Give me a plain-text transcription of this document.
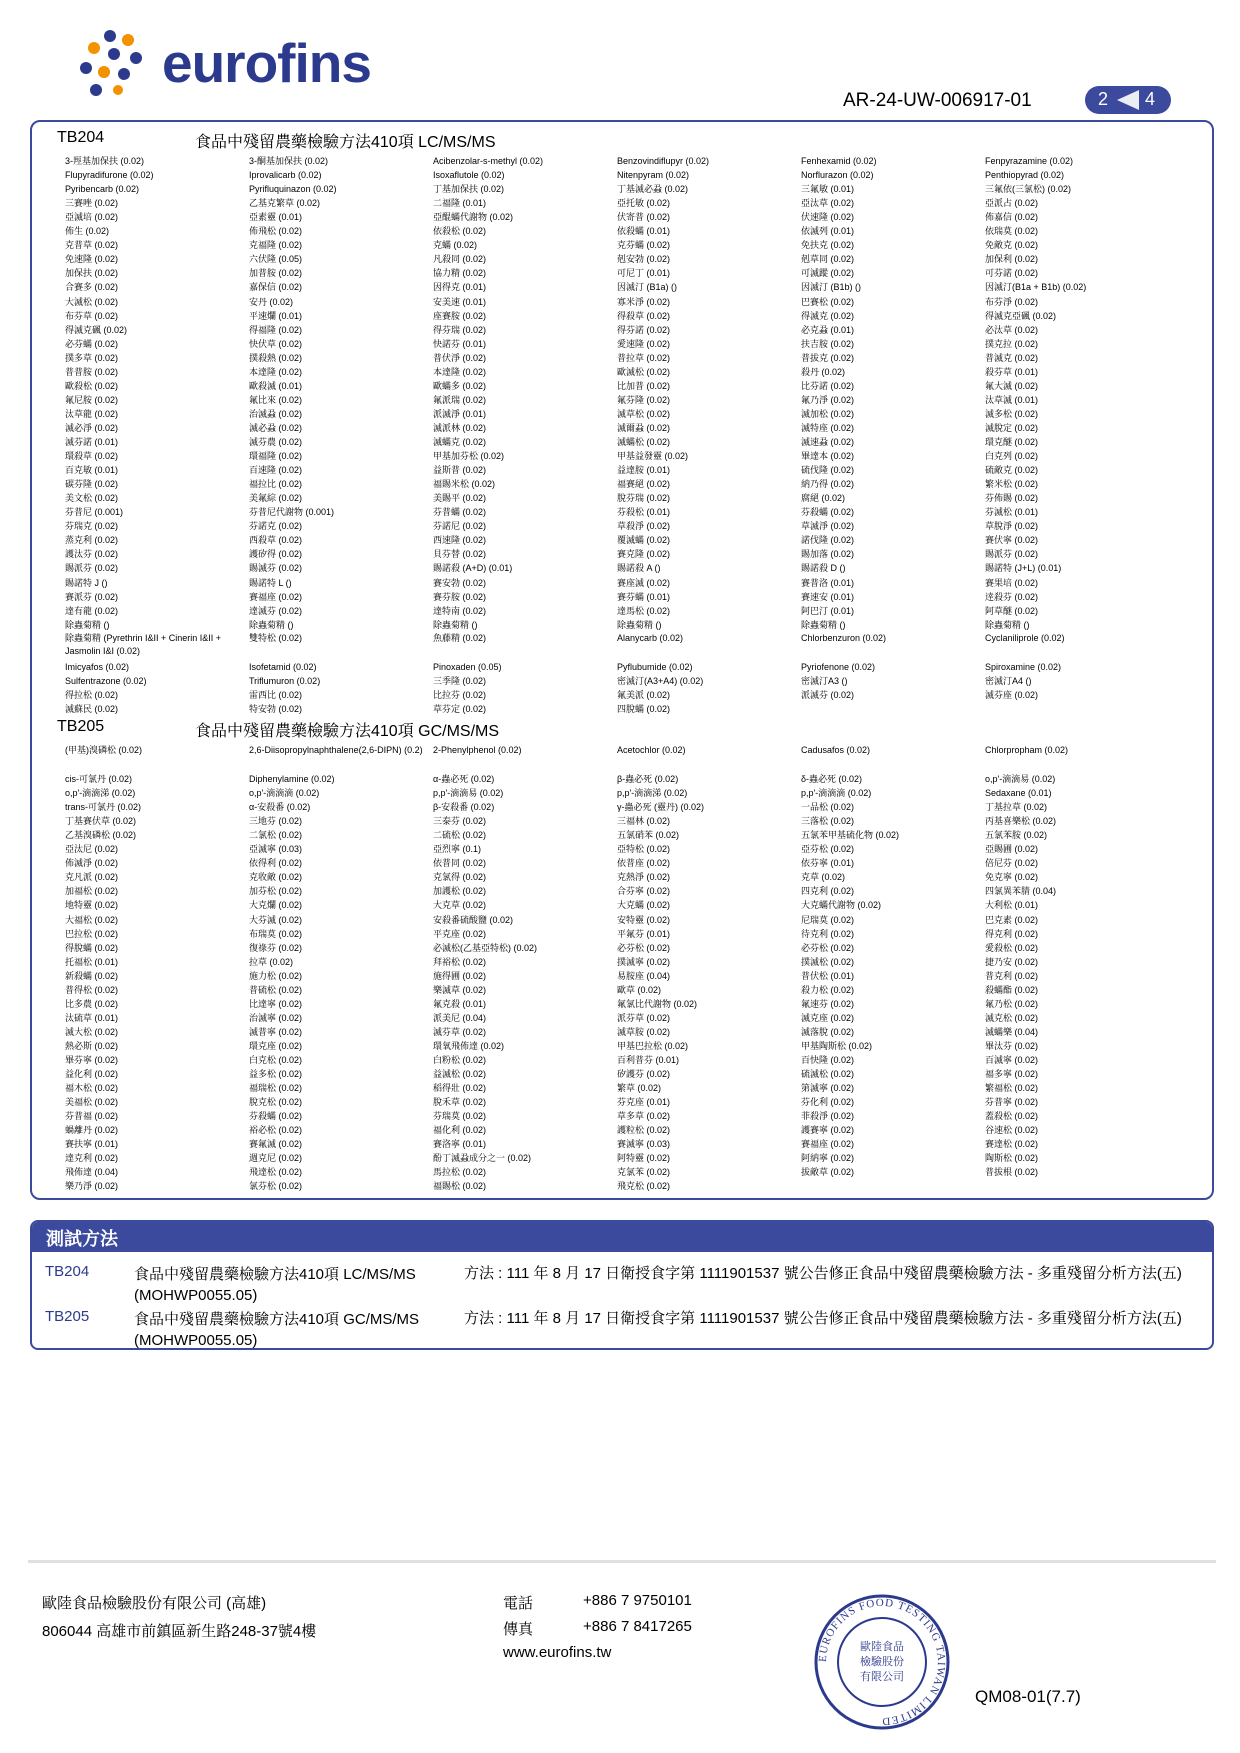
eurofins
AR-24-UW-006917-01	2 4
TB204	食品中殘留農藥檢驗方法410項 LC/MS/MS
3-羥基加保扶 (0.02)	3-酮基加保扶 (0.02)	Acibenzolar-s-methyl (0.02)	Benzovindiflupyr (0.02)	Fenhexamid (0.02)	Fenpyrazamine (0.02)
Flupyradifurone (0.02)	Iprovalicarb (0.02)	Isoxaflutole (0.02)	Nitenpyram (0.02)	Norflurazon (0.02)	Penthiopyrad (0.02)
Pyribencarb (0.02)	Pyrifluquinazon (0.02)	丁基加保扶 (0.02)	丁基滅必蝨 (0.02)	三氟敏 (0.01)	三氟依(三氯松) (0.02)
三賽唑 (0.02)	乙基克繁草 (0.02)	二福隆 (0.01)	亞托敏 (0.02)	亞汰草 (0.02)	亞派占 (0.02)
亞滅培 (0.02)	亞素靈 (0.01)	亞醌蟎代謝物 (0.02)	伏寄普 (0.02)	伏速隆 (0.02)	佈嘉信 (0.02)
佈生 (0.02)	佈飛松 (0.02)	依殺松 (0.02)	依殺蟎 (0.01)	依滅列 (0.01)	依瑞莫 (0.02)
克普草 (0.02)	克福隆 (0.02)	克蟎 (0.02)	克芬蟎 (0.02)	免扶克 (0.02)	免敵克 (0.02)
免速隆 (0.02)	六伏隆 (0.05)	凡殺同 (0.02)	剋安勃 (0.02)	剋草同 (0.02)	加保利 (0.02)
加保扶 (0.02)	加普胺 (0.02)	協力精 (0.02)	可尼丁 (0.01)	可滅蹤 (0.02)	可芬諾 (0.02)
合賽多 (0.02)	嘉保信 (0.02)	因得克 (0.01)	因滅汀 (B1a) ()	因滅汀 (B1b) ()	因滅汀(B1a + B1b) (0.02)
大滅松 (0.02)	安丹 (0.02)	安美速 (0.01)	寡米淨 (0.02)	巴賽松 (0.02)	布芬淨 (0.02)
布芬草 (0.02)	平速爛 (0.01)	座賽胺 (0.02)	得殺草 (0.02)	得滅克 (0.02)	得滅克亞碸 (0.02)
得滅克碸 (0.02)	得福隆 (0.02)	得芬瑞 (0.02)	得芬諾 (0.02)	必克蝨 (0.01)	必汰草 (0.02)
必芬蟎 (0.02)	快伏草 (0.02)	快諾芬 (0.01)	愛速隆 (0.02)	扶吉胺 (0.02)	撲克拉 (0.02)
撲多草 (0.02)	撲殺熱 (0.02)	普伏淨 (0.02)	普拉草 (0.02)	普拔克 (0.02)	普滅克 (0.02)
普普胺 (0.02)	本達隆 (0.02)	本達隆 (0.02)	歐滅松 (0.02)	殺丹 (0.02)	殺芬草 (0.01)
歐殺松 (0.02)	歐殺滅 (0.01)	歐蟎多 (0.02)	比加普 (0.02)	比芬諾 (0.02)	氟大滅 (0.02)
氟尼胺 (0.02)	氟比來 (0.02)	氟派瑞 (0.02)	氟芬隆 (0.02)	氟乃淨 (0.02)	汰草滅 (0.01)
汰草龍 (0.02)	治滅蝨 (0.02)	派滅淨 (0.01)	滅草松 (0.02)	滅加松 (0.02)	滅多松 (0.02)
滅必淨 (0.02)	滅必蝨 (0.02)	滅派林 (0.02)	滅爾蝨 (0.02)	滅特座 (0.02)	滅脫定 (0.02)
滅芬諾 (0.01)	滅芬農 (0.02)	滅蟎克 (0.02)	滅蟎松 (0.02)	滅速蝨 (0.02)	環克醚 (0.02)
環殺草 (0.02)	環福隆 (0.02)	甲基加芬松 (0.02)	甲基益發靈 (0.02)	畢達本 (0.02)	白克列 (0.02)
百克敏 (0.01)	百速隆 (0.02)	益斯普 (0.02)	益達胺 (0.01)	硫伐隆 (0.02)	硫敵克 (0.02)
碳芬隆 (0.02)	福拉比 (0.02)	福賜米松 (0.02)	福賽絕 (0.02)	納乃得 (0.02)	繁米松 (0.02)
美文松 (0.02)	美氟綜 (0.02)	美賜平 (0.02)	脫芬瑞 (0.02)	腐絕 (0.02)	芬佈賜 (0.02)
芬普尼 (0.001)	芬普尼代謝物 (0.001)	芬普蟎 (0.02)	芬殺松 (0.01)	芬殺蟎 (0.02)	芬滅松 (0.01)
芬瑞克 (0.02)	芬諾克 (0.02)	芬諾尼 (0.02)	草殺淨 (0.02)	草滅淨 (0.02)	草脫淨 (0.02)
蒸克利 (0.02)	西殺草 (0.02)	西速隆 (0.02)	覆滅蟎 (0.02)	諾伐隆 (0.02)	賽伏寧 (0.02)
護汰芬 (0.02)	護矽得 (0.02)	貝芬替 (0.02)	賽克隆 (0.02)	賜加落 (0.02)	賜派芬 (0.02)
賜派芬 (0.02)	賜滅芬 (0.02)	賜諾殺 (A+D) (0.01)	賜諾殺 A ()	賜諾殺 D ()	賜諾特 (J+L) (0.01)
賜諾特 J ()	賜諾特 L ()	賽安勃 (0.02)	賽座滅 (0.02)	賽普洛 (0.01)	賽果培 (0.02)
賽派芬 (0.02)	賽福座 (0.02)	賽芬胺 (0.02)	賽芬蟎 (0.01)	賽速安 (0.01)	逹殺芬 (0.02)
達有龍 (0.02)	達滅芬 (0.02)	達特南 (0.02)	達馬松 (0.02)	阿巴汀 (0.01)	阿草醚 (0.02)
除蟲菊精 ()	除蟲菊精 ()	除蟲菊精 ()	除蟲菊精 ()	除蟲菊精 ()	除蟲菊精 ()
除蟲菊精 (Pyrethrin I&II + Cinerin I&II + Jasmolin I&I (0.02)
雙特松 (0.02)	魚藤精 (0.02)	Alanycarb (0.02)	Chlorbenzuron (0.02)	Cyclaniliprole (0.02)
Imicyafos (0.02)	Isofetamid (0.02)	Pinoxaden (0.05)	Pyflubumide (0.02)	Pyriofenone (0.02)	Spiroxamine (0.02)
Sulfentrazone (0.02)	Triflumuron (0.02)	三季隆 (0.02)	密滅汀(A3+A4) (0.02)	密滅汀A3 ()	密滅汀A4 ()
得拉松 (0.02)	雷西比 (0.02)	比拉芬 (0.02)	氟美派 (0.02)	派滅芬 (0.02)	滅芬座 (0.02)
滅蘇民 (0.02)	特安勃 (0.02)	草芬定 (0.02)	四脫蟎 (0.02)
TB205	食品中殘留農藥檢驗方法410項 GC/MS/MS
(甲基)溴磷松 (0.02)	2,6-Diisopropylnaphthalene(2,6-DIPN) (0.2)	2-Phenylphenol (0.02)	Acetochlor (0.02)	Cadusafos (0.02)	Chlorpropham (0.02)
cis-可氯丹 (0.02)	Diphenylamine (0.02)	α-蟲必死 (0.02)	β-蟲必死 (0.02)	δ-蟲必死 (0.02)	o,p'-滴滴易 (0.02)
o,p'-滴滴涕 (0.02)	o,p'-滴滴滴 (0.02)	p,p'-滴滴易 (0.02)	p,p'-滴滴涕 (0.02)	p,p'-滴滴滴 (0.02)	Sedaxane (0.01)
trans-可氯丹 (0.02)	α-安殺番 (0.02)	β-安殺番 (0.02)	γ-蟲必死 (靈丹) (0.02)	一品松 (0.02)	丁基拉草 (0.02)
丁基賽伏草 (0.02)	三地芬 (0.02)	三泰芬 (0.02)	三福林 (0.02)	三落松 (0.02)	丙基喜樂松 (0.02)
乙基溴磷松 (0.02)	二氯松 (0.02)	二硫松 (0.02)	五氯硝苯 (0.02)	五氯苯甲基硫化物 (0.02)	五氯苯胺 (0.02)
亞汰尼 (0.02)	亞滅寧 (0.03)	亞烈寧 (0.1)	亞特松 (0.02)	亞芬松 (0.02)	亞賜圃 (0.02)
佈滅淨 (0.02)	依得利 (0.02)	依普同 (0.02)	依普座 (0.02)	依芬寧 (0.01)	倍尼芬 (0.02)
克凡派 (0.02)	克收敵 (0.02)	克氯得 (0.02)	克熱淨 (0.02)	克草 (0.02)	免克寧 (0.02)
加福松 (0.02)	加芬松 (0.02)	加護松 (0.02)	合芬寧 (0.02)	四克利 (0.02)	四氯異苯腈 (0.04)
地特靈 (0.02)	大克爛 (0.02)	大克草 (0.02)	大克蟎 (0.02)	大克蟎代謝物 (0.02)	大利松 (0.01)
大福松 (0.02)	大芬滅 (0.02)	安殺番硫酸鹽 (0.02)	安特靈 (0.02)	尼瑞莫 (0.02)	巴克素 (0.02)
巴拉松 (0.02)	布瑞莫 (0.02)	平克座 (0.02)	平氟芬 (0.01)	待克利 (0.02)	得克利 (0.02)
得脫蟎 (0.02)	復祿芬 (0.02)	必滅松(乙基亞特松) (0.02)	必芬松 (0.02)	必芬松 (0.02)	愛殺松 (0.02)
托福松 (0.01)	拉草 (0.02)	拜裕松 (0.02)	撲滅寧 (0.02)	撲滅松 (0.02)	捷乃安 (0.02)
新殺蟎 (0.02)	施力松 (0.02)	施得圃 (0.02)	易胺座 (0.04)	普伏松 (0.01)	普克利 (0.02)
普得松 (0.02)	普硫松 (0.02)	樂滅草 (0.02)	歐草 (0.02)	殺力松 (0.02)	殺蟎酯 (0.02)
比多農 (0.02)	比達寧 (0.02)	氟克殺 (0.01)	氟氯比代謝物 (0.02)	氟速芬 (0.02)	氟乃松 (0.02)
汰硫草 (0.01)	治滅寧 (0.02)	派美尼 (0.04)	派芬草 (0.02)	滅克座 (0.02)	滅克松 (0.02)
滅大松 (0.02)	滅普寧 (0.02)	滅芬草 (0.02)	滅草胺 (0.02)	滅落脫 (0.02)	滅蟎樂 (0.04)
熱必斯 (0.02)	環克座 (0.02)	環氧飛佈達 (0.02)	甲基巴拉松 (0.02)	甲基陶斯松 (0.02)	畢汰芬 (0.02)
畢芬寧 (0.02)	白克松 (0.02)	白粉松 (0.02)	百利普芬 (0.01)	百快隆 (0.02)	百滅寧 (0.02)
益化利 (0.02)	益多松 (0.02)	益滅松 (0.02)	矽護芬 (0.02)	硫滅松 (0.02)	福多寧 (0.02)
福木松 (0.02)	福瑞松 (0.02)	稻得壯 (0.02)	繁草 (0.02)	第滅寧 (0.02)	繁福松 (0.02)
美福松 (0.02)	脫克松 (0.02)	脫禾草 (0.02)	芬克座 (0.01)	芬化利 (0.02)	芬普寧 (0.02)
芬普福 (0.02)	芬殺蟎 (0.02)	芬瑞莫 (0.02)	草多草 (0.02)	菲殺淨 (0.02)	蓋殺松 (0.02)
蝸離丹 (0.02)	裕必松 (0.02)	福化利 (0.02)	護粒松 (0.02)	護賽寧 (0.02)	谷速松 (0.02)
賽扶寧 (0.01)	賽氟滅 (0.02)	賽洛寧 (0.01)	賽滅寧 (0.03)	賽福座 (0.02)	賽達松 (0.02)
達克利 (0.02)	週克尼 (0.02)	酚丁滅蝨成分之一 (0.02)	阿特靈 (0.02)	阿納寧 (0.02)	陶斯松 (0.02)
飛佈達 (0.04)	飛達松 (0.02)	馬拉松 (0.02)	克氯苯 (0.02)	拔敵草 (0.02)	普拔根 (0.02)
樂乃淨 (0.02)	氯芬松 (0.02)	福賜松 (0.02)	飛克松 (0.02)
測試方法
TB204	食品中殘留農藥檢驗方法410項 LC/MS/MS	方法 : 111 年 8 月 17 日衛授食字第 1111901537 號公告修正食品中殘留農藥檢驗方法 - 多重殘留分析方法(五)(MOHWP0055.05)
TB205	食品中殘留農藥檢驗方法410項 GC/MS/MS	方法 : 111 年 8 月 17 日衛授食字第 1111901537 號公告修正食品中殘留農藥檢驗方法 - 多重殘留分析方法(五)(MOHWP0055.05)
歐陸食品檢驗股份有限公司 (高雄)
806044 高雄市前鎮區新生路248-37號4樓
電話	+886 7 9750101
傳真	+886 7 8417265
www.eurofins.tw	EUROFINS FOOD TESTING TAIWAN LIMITED
歐陸食品
檢驗股份
有限公司
QM08-01(7.7)
